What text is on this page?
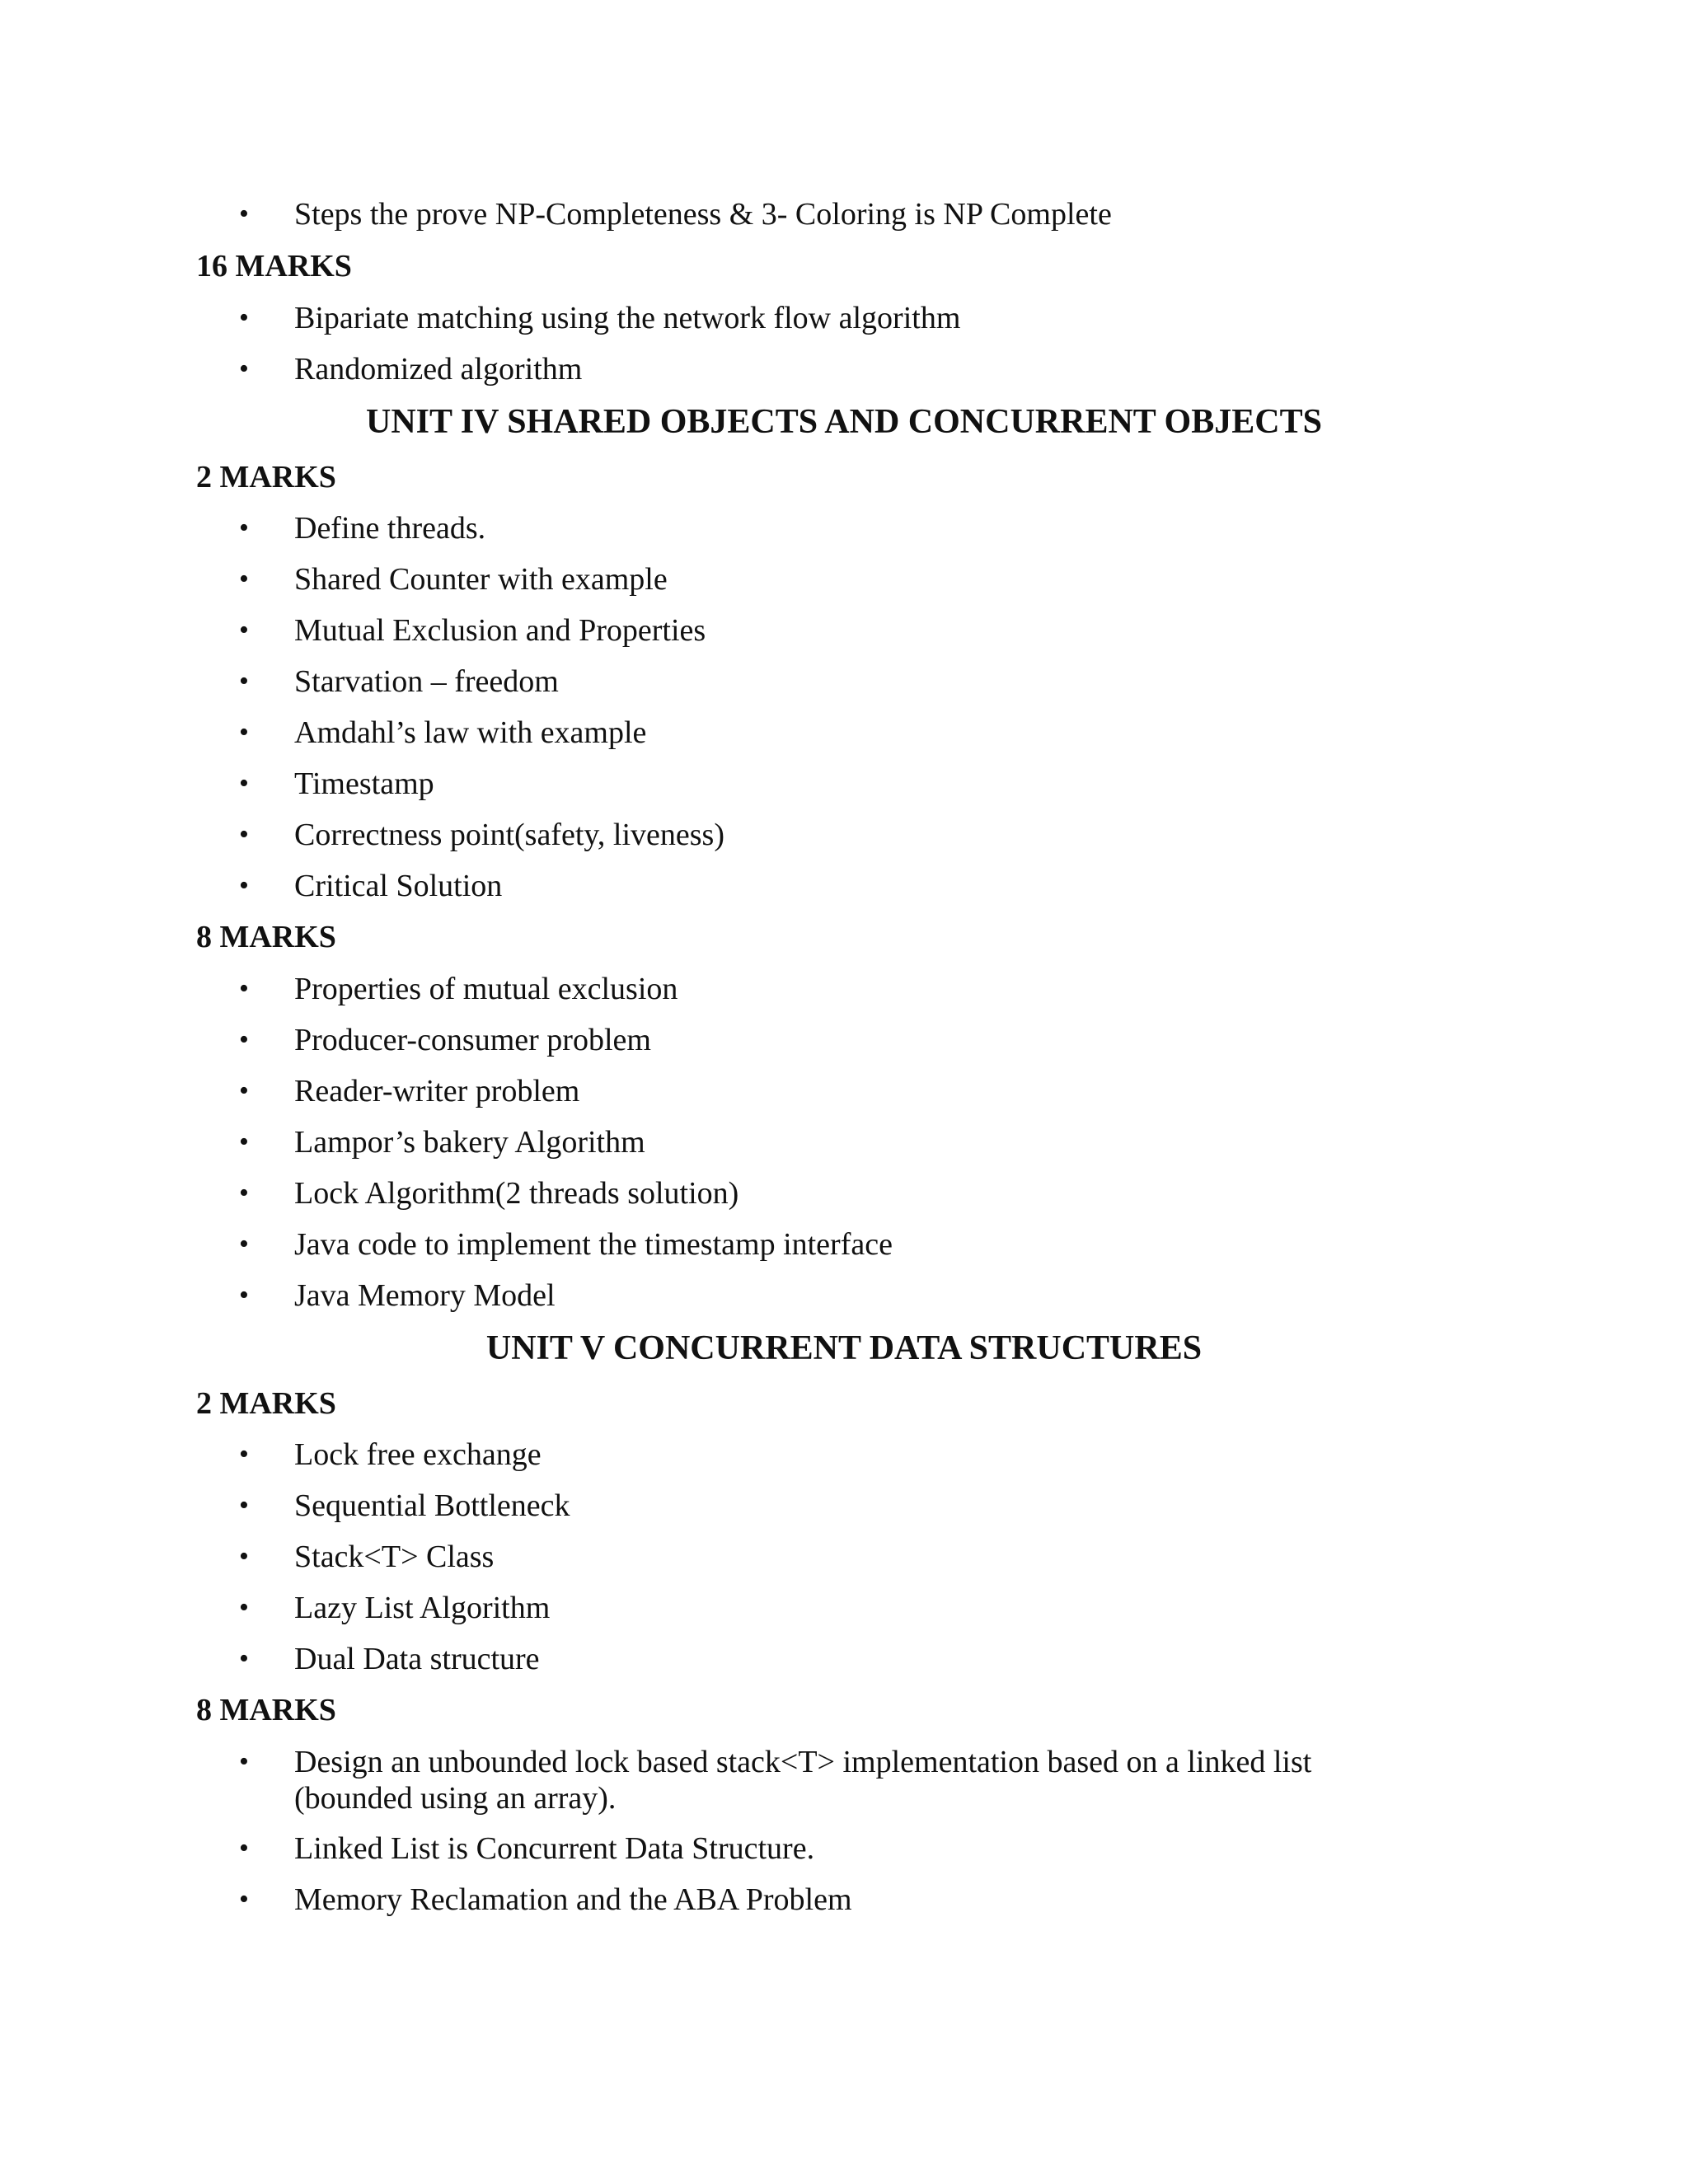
• Steps the prove NP-Completeness & 3- Coloring is NP Complete
16 MARKS
• Bipariate matching using the network flow algorithm
• Randomized algorithm
UNIT IV SHARED OBJECTS AND CONCURRENT OBJECTS
2 MARKS
• Define threads.
• Shared Counter with example
• Mutual Exclusion and Properties
• Starvation – freedom
• Amdahl’s law with example
• Timestamp
• Correctness point(safety, liveness)
• Critical Solution
8 MARKS
• Properties of mutual exclusion
• Producer-consumer problem
• Reader-writer problem
• Lampor’s bakery Algorithm
• Lock Algorithm(2 threads solution)
• Java code to implement the timestamp interface
• Java Memory Model
UNIT V CONCURRENT DATA STRUCTURES
2 MARKS
• Lock free exchange
• Sequential Bottleneck
• Stack<T> Class
• Lazy List Algorithm
• Dual Data structure
8 MARKS
• Design an unbounded lock based stack<T> implementation based on a linked list (bounded using an array).
• Linked List is Concurrent Data Structure.
• Memory Reclamation and the ABA Problem
